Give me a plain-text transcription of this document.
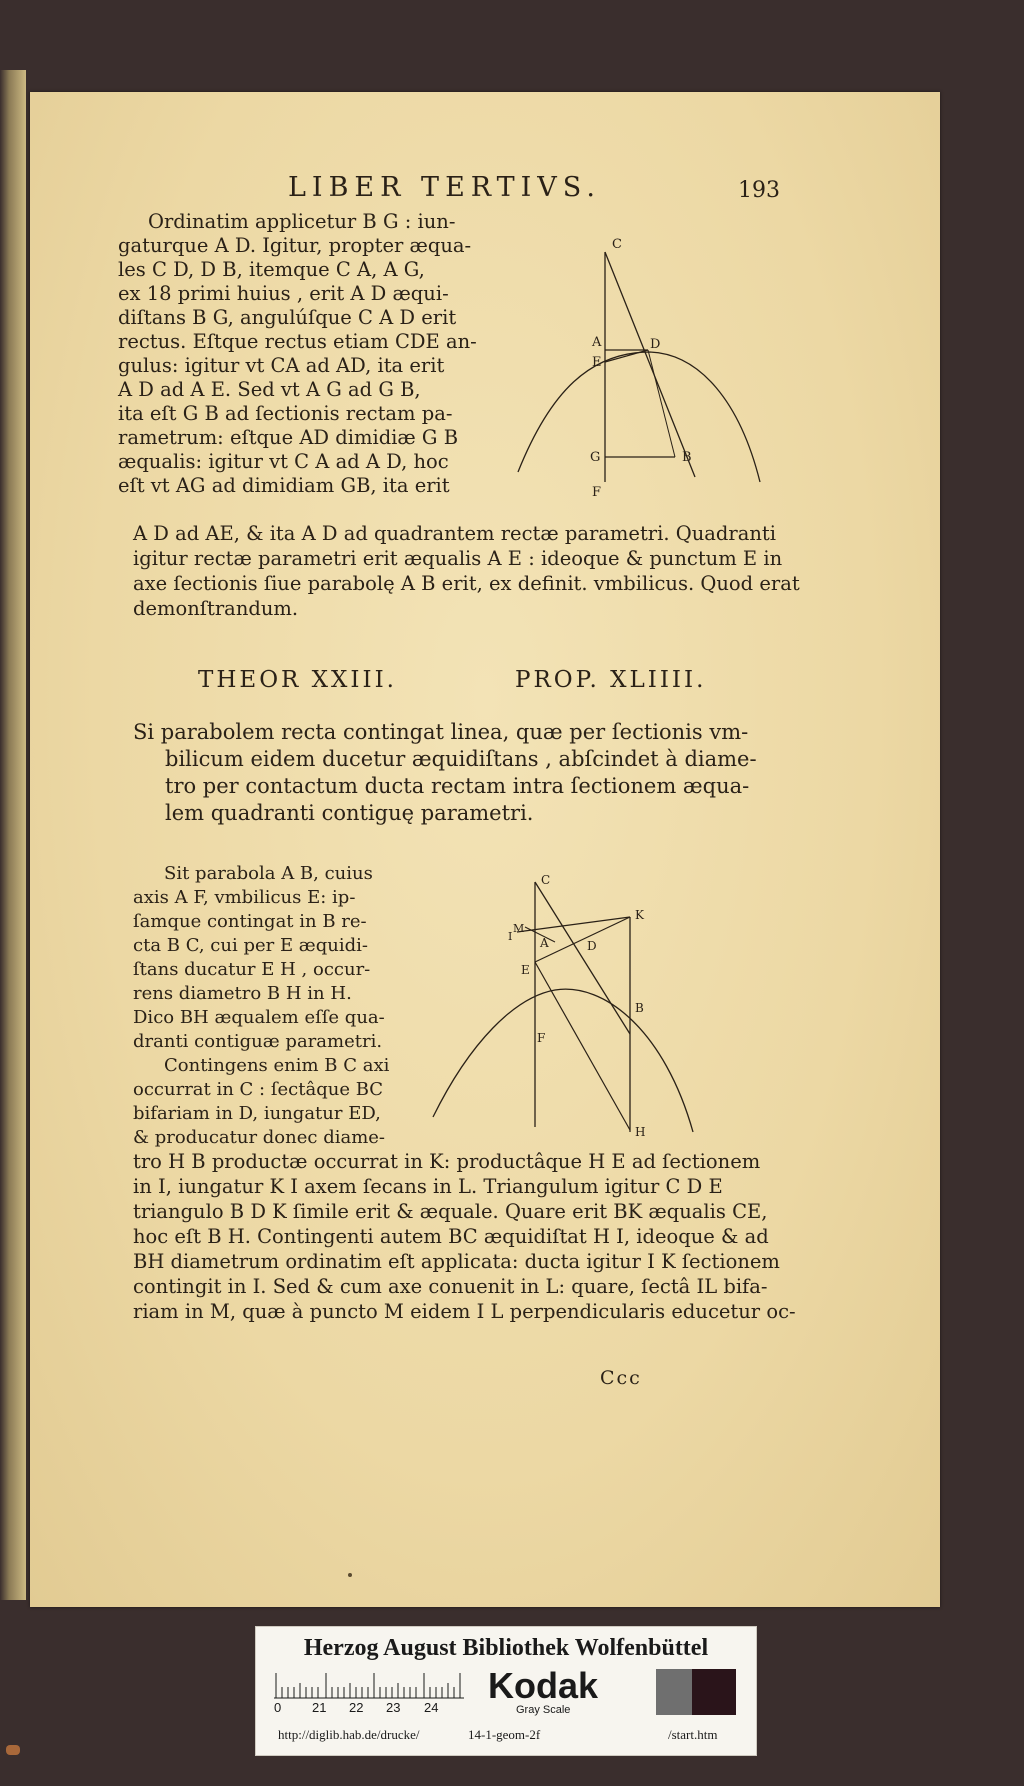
LIBER TERTIVS.	193
Ordinatim applicetur B G : iun-
gaturque A D. Igitur, propter æqua-
les C D, D B, itemque C A, A G,
ex 18 primi huius , erit A D æqui-
diſtans B G, angulúſque C A D erit
rectus. Eſtque rectus etiam CDE an-
gulus: igitur vt CA ad AD, ita erit
A D ad A E. Sed vt A G ad G B,
ita eſt G B ad ſectionis rectam pa-
rametrum: eſtque AD dimidiæ G B
æqualis: igitur vt C A ad A D, hoc
eſt vt AG ad dimidiam GB, ita erit
C
A	D
E
G	B
F
A D ad AE, & ita A D ad quadrantem rectæ parametri. Quadranti
igitur rectæ parametri erit æqualis A E : ideoque & punctum E in
axe ſectionis ſiue parabolę A B erit, ex definit. vmbilicus. Quod erat
demonſtrandum.
THEOR XXIII.	PROP. XLIIII.
Si parabolem recta contingat linea, quæ per ſectionis vm-
bilicum eidem ducetur æquidiſtans , abſcindet à diame-
tro per contactum ducta rectam intra ſectionem æqua-
lem quadranti contiguę parametri.
Sit parabola A B, cuius
axis A F, vmbilicus E: ip-
ſamque contingat in B re-
cta B C, cui per E æquidi-
ſtans ducatur E H , occur-
rens diametro B H in H.
Dico BH æqualem eſſe qua-
dranti contiguæ parametri.
Contingens enim B C axi
occurrat in C : ſectâque BC
bifariam in D, iungatur ED,
& producatur donec diame-
C
K
M
A	D
E
B
F
H
I
tro H B productæ occurrat in K: productâque H E ad ſectionem
in I, iungatur K I axem ſecans in L. Triangulum igitur C D E
triangulo B D K ſimile erit & æquale. Quare erit BK æqualis CE,
hoc eſt B H. Contingenti autem BC æquidiſtat H I, ideoque & ad
BH diametrum ordinatim eſt applicata: ducta igitur I K ſectionem
contingit in I. Sed & cum axe conuenit in L: quare, ſectâ IL bifa-
riam in M, quæ à puncto M eidem I L perpendicularis educetur oc-
Ccc
Herzog August Bibliothek Wolfenbüttel
0 21 22 23 24
Kodak
Gray Scale
http://diglib.hab.de/drucke/	14-1-geom-2f	/start.htm
